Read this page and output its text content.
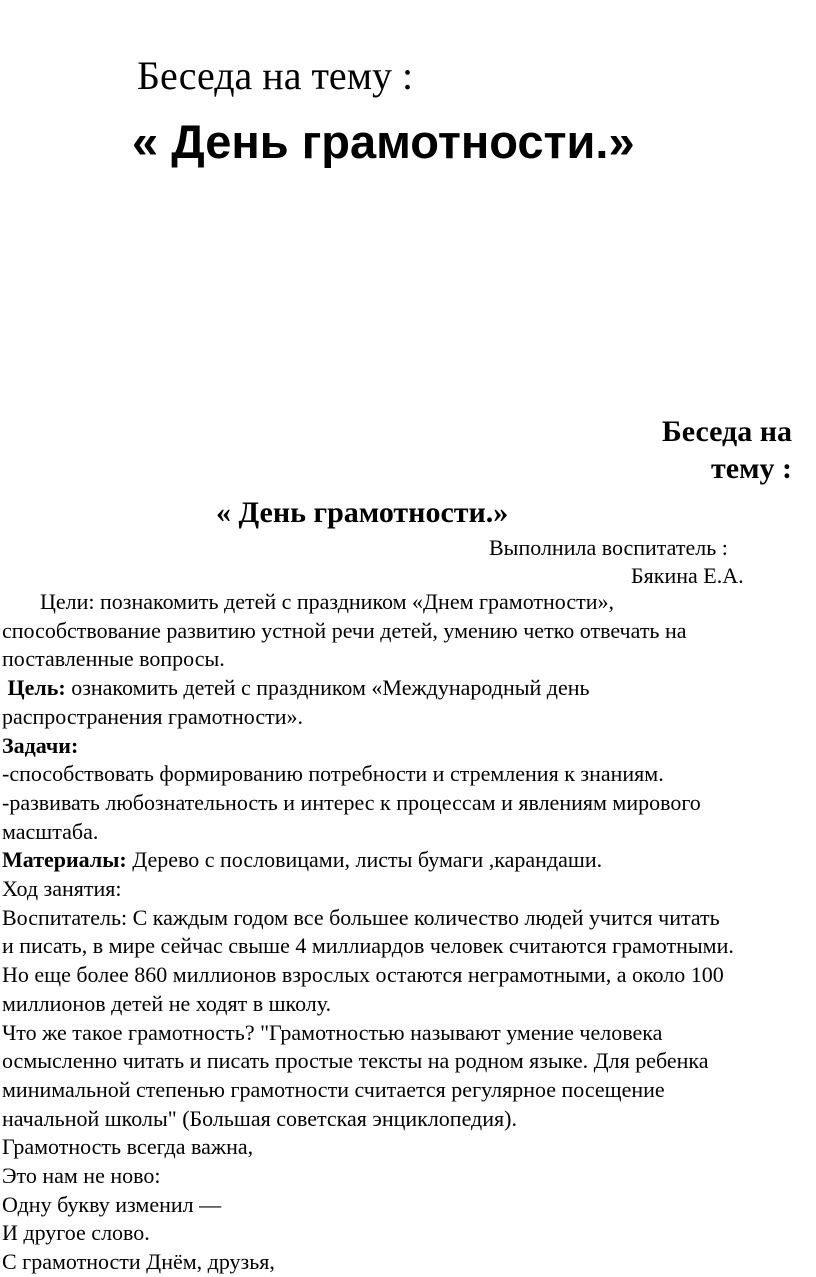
Беседа на тему :
« День грамотности.»
Беседа на
тему :
« День грамотности.»
Выполнила воспитатель :
Бякина Е.А.
Цели: познакомить детей с праздником «Днем грамотности»,
способствование развитию устной речи детей, умению четко отвечать на
поставленные вопросы.
Цель: ознакомить детей с праздником «Международный день
распространения грамотности».
Задачи:
-способствовать формированию потребности и стремления к знаниям.
-развивать любознательность и интерес к процессам и явлениям мирового
масштаба.
Материалы: Дерево с пословицами, листы бумаги ,карандаши.
Ход занятия:
Воспитатель: С каждым годом все большее количество людей учится читать
и писать, в мире сейчас свыше 4 миллиардов человек считаются грамотными.
Но еще более 860 миллионов взрослых остаются неграмотными, а около 100
миллионов детей не ходят в школу.
Что же такое грамотность? "Грамотностью называют умение человека
осмысленно читать и писать простые тексты на родном языке. Для ребенка
минимальной степенью грамотности считается регулярное посещение
начальной школы" (Большая советская энциклопедия).
Грамотность всегда важна,
Это нам не ново:
Одну букву изменил —
И другое слово.
С грамотности Днём, друзья,
